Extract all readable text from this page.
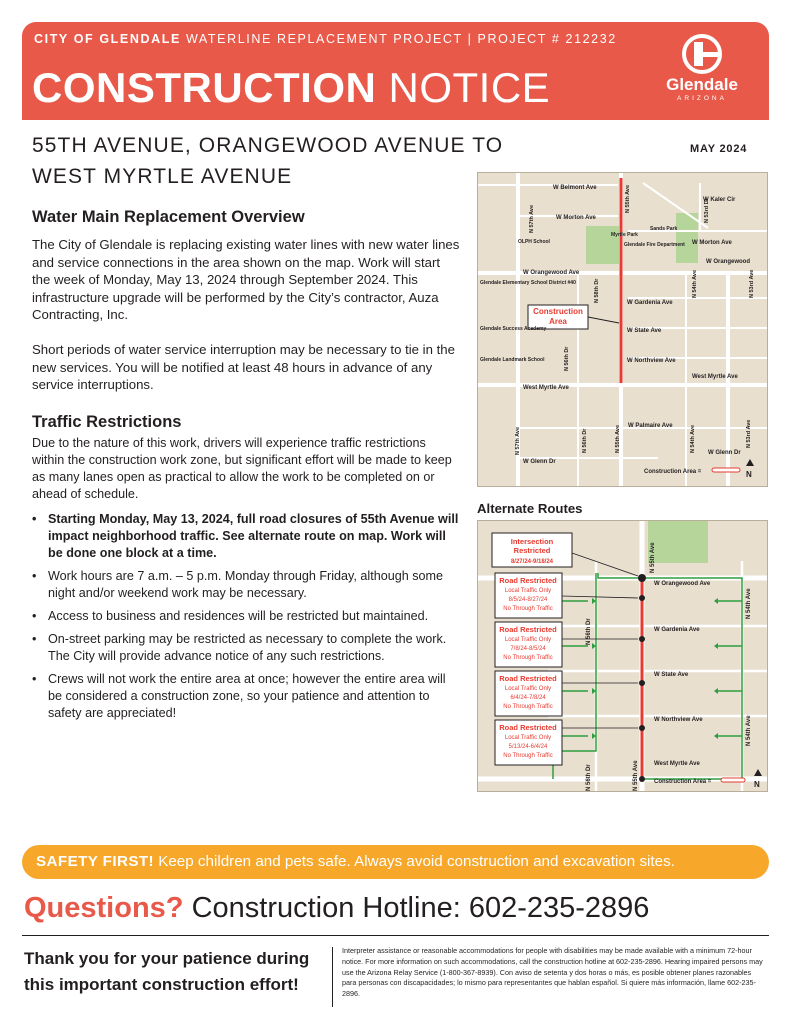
CITY OF GLENDALE WATERLINE REPLACEMENT PROJECT | PROJECT # 212232
CONSTRUCTION NOTICE	Glendale
ARIZONA
55TH AVENUE, ORANGEWOOD AVENUE TO WEST MYRTLE AVENUE
MAY 2024
Water Main Replacement Overview
The City of Glendale is replacing existing water lines with new water lines and service connections in the area shown on the map. Work will start the week of Monday, May 13, 2024 through September 2024. This infrastructure upgrade will be performed by the City’s contractor, Auza Contracting, Inc.
Short periods of water service interruption may be necessary to tie in the new services. You will be notified at least 48 hours in advance of any service interruptions.
Traffic Restrictions
Due to the nature of this work, drivers will experience traffic restrictions within the construction work zone, but significant effort will be made to keep as many lanes open as practical to allow the work to be completed on or ahead of schedule.
• Starting Monday, May 13, 2024, full road closures of 55th Avenue will impact neighborhood traffic. See alternate route on map. Work will be done one block at a time.
• Work hours are 7 a.m. – 5 p.m. Monday through Friday, although some night and/or weekend work may be necessary.
• Access to business and residences will be restricted but maintained.
• On-street parking may be restricted as necessary to complete the work. The City will provide advance notice of any such restrictions.
• Crews will not work the entire area at once; however the entire area will be considered a construction zone, so your patience and attention to safety are appreciated!
Construction
Area
W Belmont Ave
W Kaler Cir
W Morton Ave
W Morton Ave
W Orangewood Ave
W Orangewood
W Gardenia Ave
W State Ave
W Northview Ave
West Myrtle Ave
West Myrtle Ave
W Palmaire Ave
W Glenn Dr
W Glenn Dr
OLPH School
Myrtle Park
Sands Park
Glendale Fire Department
Glendale Elementary School District #40
Glendale Success Academy
Glendale Landmark School
N 57th Ave
N 55th Ave	N 53rd Dr
N 58th Dr	N 54th Ave	N 53rd Ave
N 56th Dr
N 57th Ave	N 56th Dr	N 55th Ave	N 54th Ave	N 53rd Ave
Construction Area =	N
Alternate Routes
Intersection
Restricted
8/27/24-9/18/24
Road Restricted
Local Traffic Only
8/5/24-8/27/24
No Through Traffic
Road Restricted
Local Traffic Only
7/8/24-8/5/24
No Through Traffic
Road Restricted
Local Traffic Only
6/4/24-7/8/24
No Through Traffic
Road Restricted
Local Traffic Only
5/13/24-6/4/24
No Through Traffic
W Orangewood Ave
W Gardenia Ave
W State Ave
W Northview Ave
West Myrtle Ave
N 55th Ave
N 56th Dr
N 54th Ave
N 54th Ave
N 56th Dr	N 55th Ave	Construction Area =	N
SAFETY FIRST! Keep children and pets safe. Always avoid construction and excavation sites.
Questions? Construction Hotline: 602-235-2896
Thank you for your patience during this important construction effort!
Interpreter assistance or reasonable accommodations for people with disabilities may be made available with a minimum 72-hour notice. For more information on such accommodations, call the construction hotline at 602-235-2896. Hearing impaired persons may use the Arizona Relay Service (1-800-367-8939). Con aviso de setenta y dos horas o más, es posible obtener planes razonables para personas con discapacidades; lo mismo para representantes que hablan español. Si quiere más información, llame 602-235-2896.
